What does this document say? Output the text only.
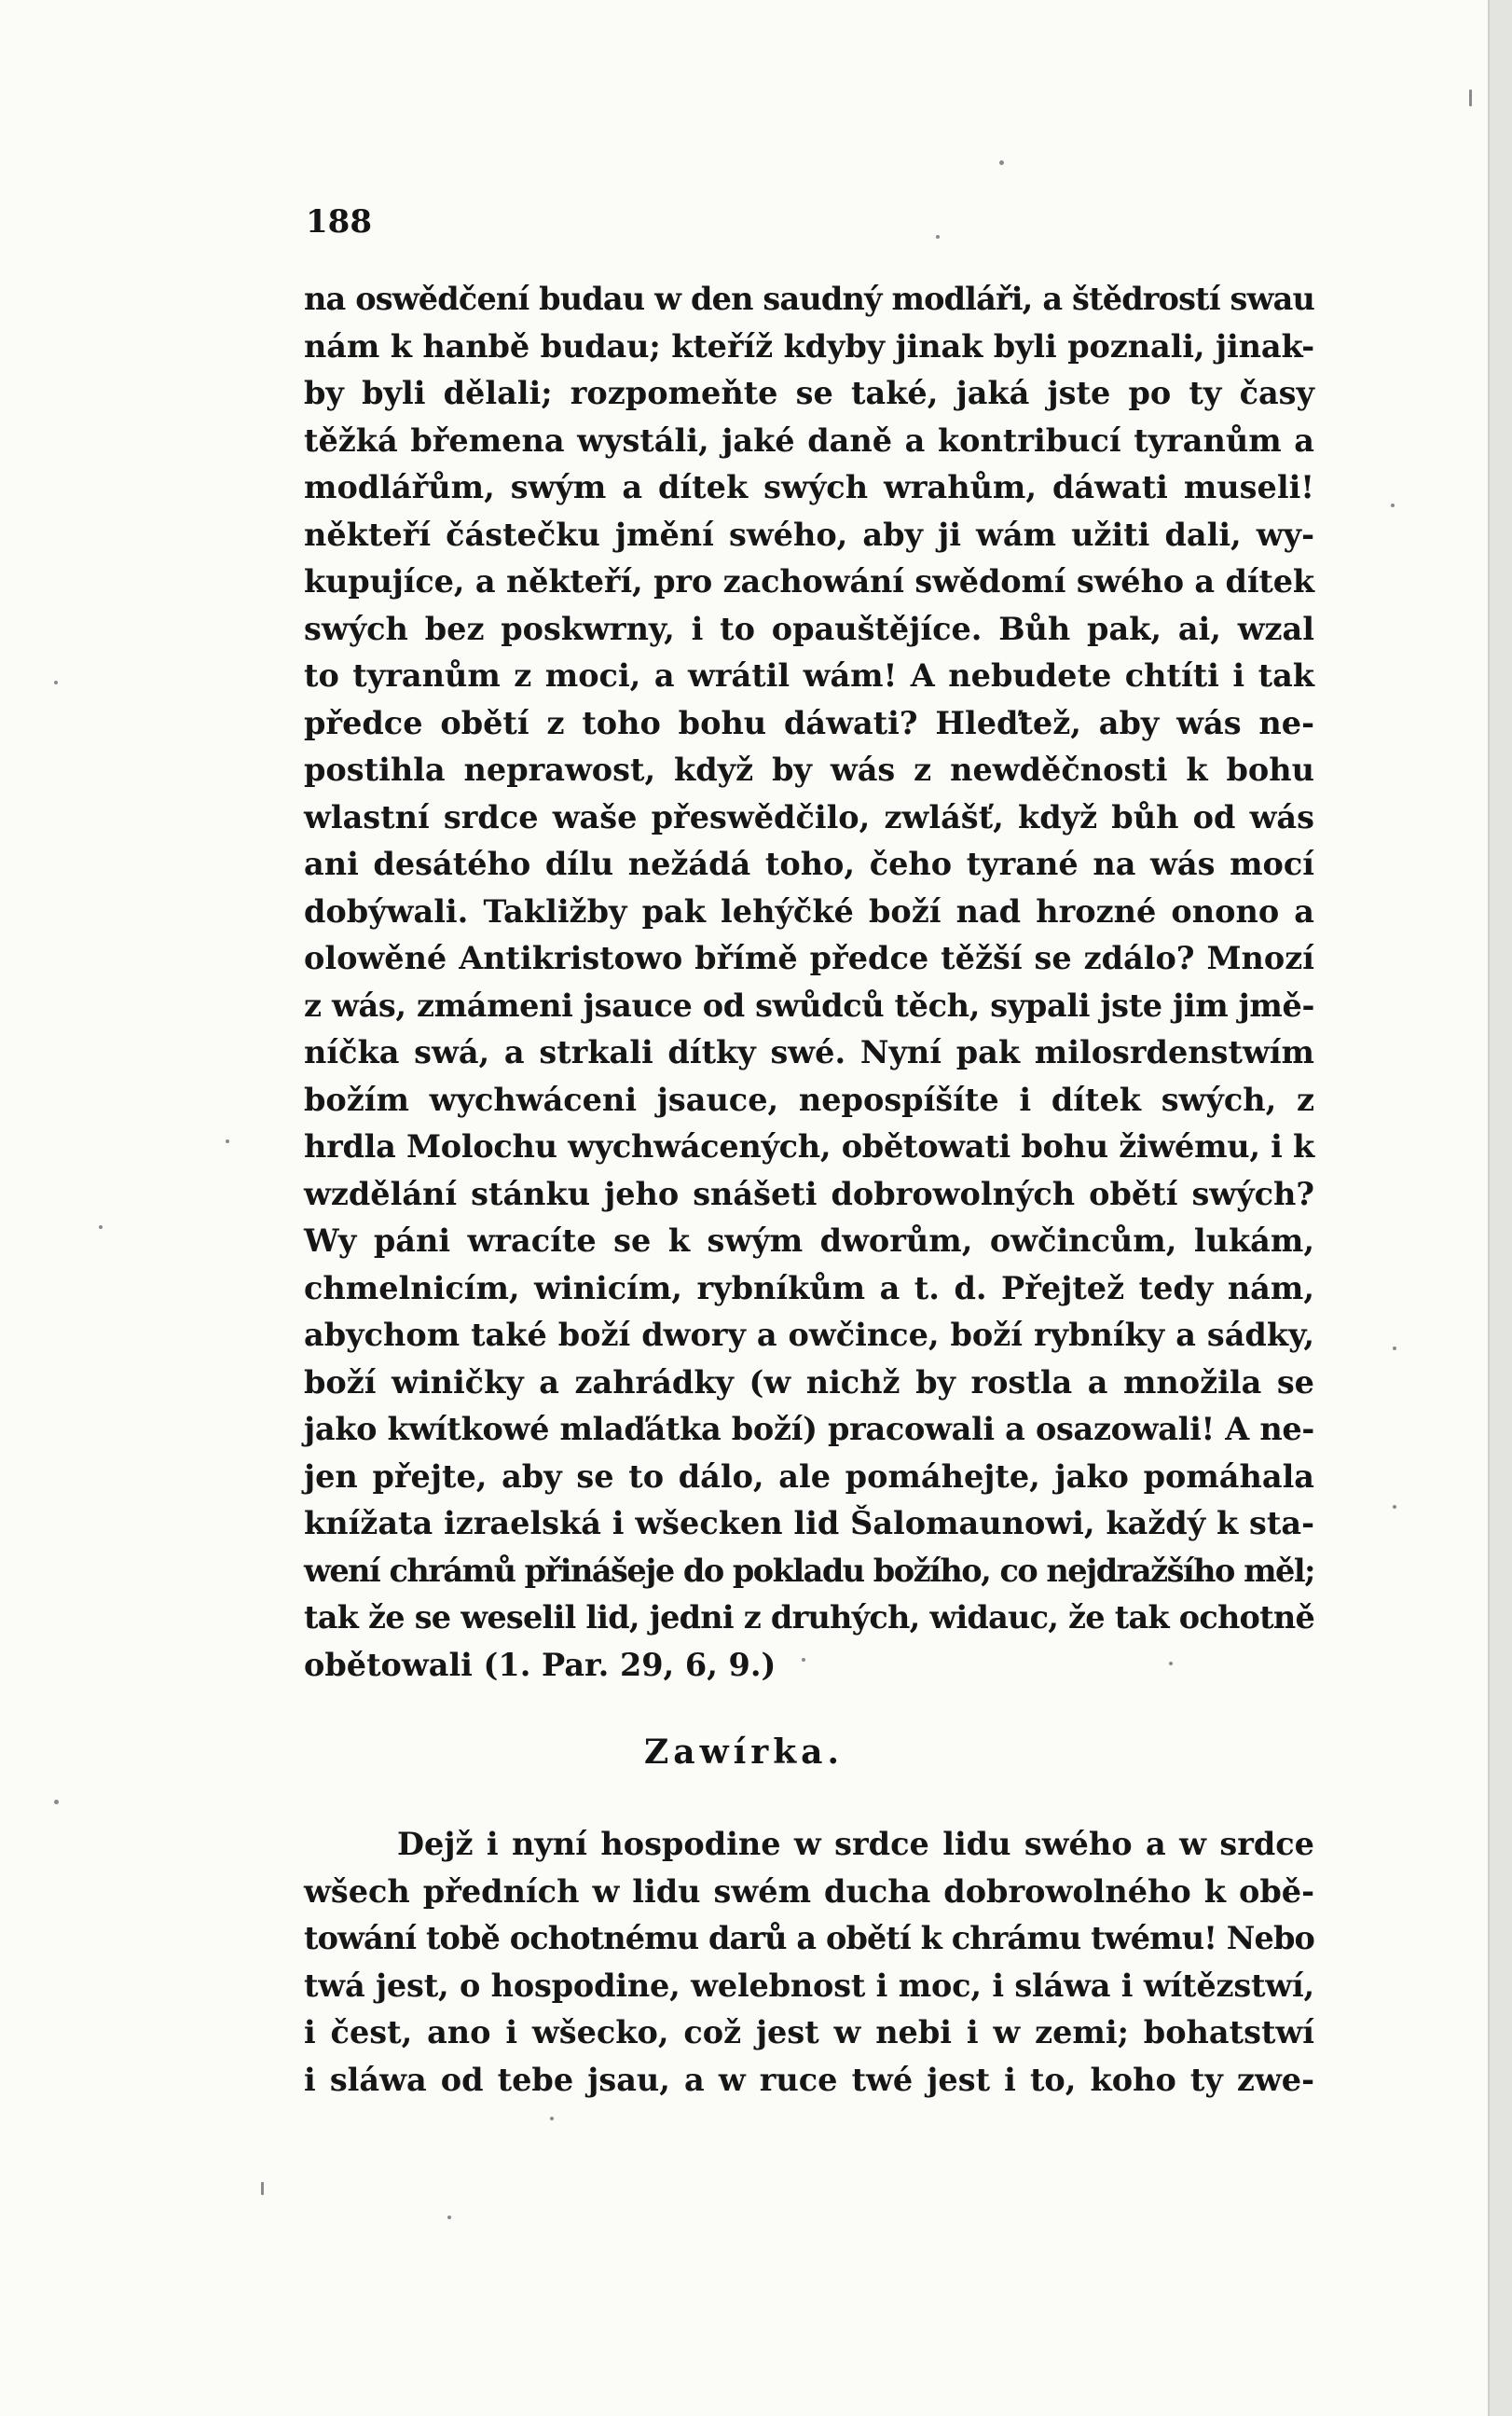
188
na oswědčení budau w den saudný modláři, a štědrostí swau
nám k hanbě budau; kteříž kdyby jinak byli poznali, jinak-
by byli dělali; rozpomeňte se také, jaká jste po ty časy
těžká břemena wystáli, jaké daně a kontribucí tyranům a
modlářům, swým a dítek swých wrahům, dáwati museli!
někteří částečku jmění swého, aby ji wám užiti dali, wy-
kupujíce, a někteří, pro zachowání swědomí swého a dítek
swých bez poskwrny, i to opauštějíce. Bůh pak, ai, wzal
to tyranům z moci, a wrátil wám! A nebudete chtíti i tak
předce obětí z toho bohu dáwati? Hleďtež, aby wás ne-
postihla neprawost, když by wás z newděčnosti k bohu
wlastní srdce waše přeswědčilo, zwlášť, když bůh od wás
ani desátého dílu nežádá toho, čeho tyrané na wás mocí
dobýwali. Takližby pak lehýčké boží nad hrozné onono a
olowěné Antikristowo břímě předce těžší se zdálo? Mnozí
z wás, zmámeni jsauce od swůdců těch, sypali jste jim jmě-
níčka swá, a strkali dítky swé. Nyní pak milosrdenstwím
božím wychwáceni jsauce, nepospíšíte i dítek swých, z
hrdla Molochu wychwácených, obětowati bohu žiwému, i k
wzdělání stánku jeho snášeti dobrowolných obětí swých?
Wy páni wracíte se k swým dworům, owčincům, lukám,
chmelnicím, winicím, rybníkům a t. d. Přejtež tedy nám,
abychom také boží dwory a owčince, boží rybníky a sádky,
boží winičky a zahrádky (w nichž by rostla a množila se
jako kwítkowé mlaďátka boží) pracowali a osazowali! A ne-
jen přejte, aby se to dálo, ale pomáhejte, jako pomáhala
knížata izraelská i wšecken lid Šalomaunowi, každý k sta-
wení chrámů přinášeje do pokladu božího, co nejdražšího měl;
tak že se weselil lid, jedni z druhých, widauc, že tak ochotně
obětowali (1. Par. 29, 6, 9.)
Zawírka.
Dejž i nyní hospodine w srdce lidu swého a w srdce
wšech předních w lidu swém ducha dobrowolného k obě-
towání tobě ochotnému darů a obětí k chrámu twému! Nebo
twá jest, o hospodine, welebnost i moc, i sláwa i wítězstwí,
i čest, ano i wšecko, což jest w nebi i w zemi; bohatstwí
i sláwa od tebe jsau, a w ruce twé jest i to, koho ty zwe-
